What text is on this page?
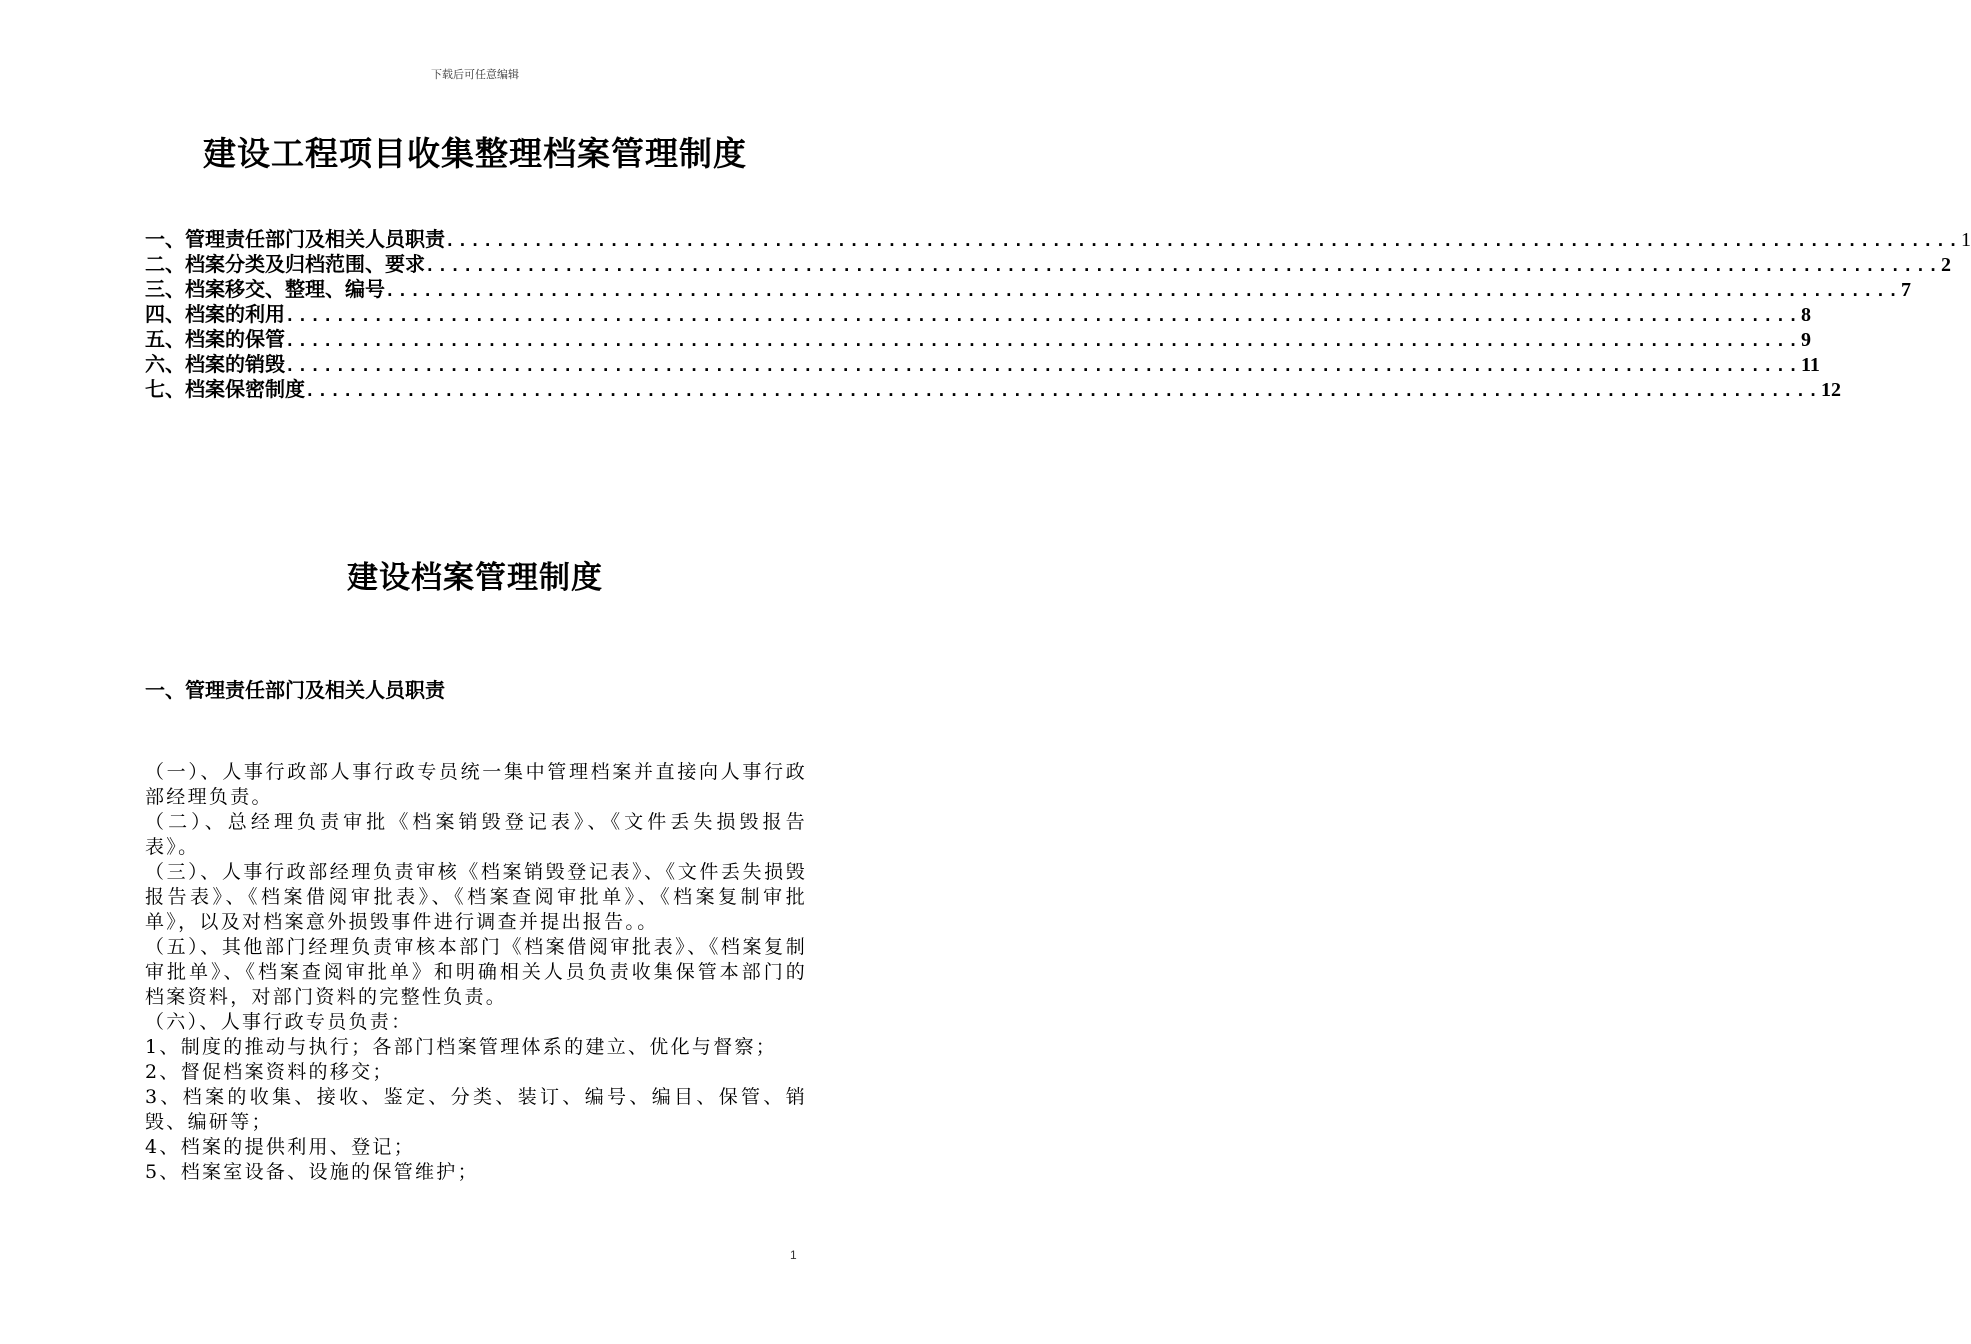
下载后可任意编辑
建设工程项目收集整理档案管理制度
一、管理责任部门及相关人员职责 ........................................................................................................................ 1
二、档案分类及归档范围、要求 ........................................................................................................................ 2
三、档案移交、整理、编号 ........................................................................................................................ 7
四、档案的利用 ........................................................................................................................ 8
五、档案的保管 ........................................................................................................................ 9
六、档案的销毁 ........................................................................................................................ 11
七、档案保密制度 ........................................................................................................................ 12
建设档案管理制度
一、管理责任部门及相关人员职责

（一）、人事行政部人事行政专员统一集中管理档案并直接向人事行政部经理负责。

（二）、总经理负责审批《档案销毁登记表》、《文件丢失损毁报告表》。

（三）、人事行政部经理负责审核《档案销毁登记表》、《文件丢失损毁报告表》、《档案借阅审批表》、《档案查阅审批单》、《档案复制审批单》，以及对档案意外损毁事件进行调查并提出报告。。

（五）、其他部门经理负责审核本部门《档案借阅审批表》、《档案复制审批单》、《档案查阅审批单》和明确相关人员负责收集保管本部门的档案资料，对部门资料的完整性负责。

（六）、人事行政专员负责：

1、制度的推动与执行；各部门档案管理体系的建立、优化与督察；

2、督促档案资料的移交；

3、档案的收集、接收、鉴定、分类、装订、编号、编目、保管、销毁、编研等；

4、档案的提供利用、登记；

5、档案室设备、设施的保管维护；

1
